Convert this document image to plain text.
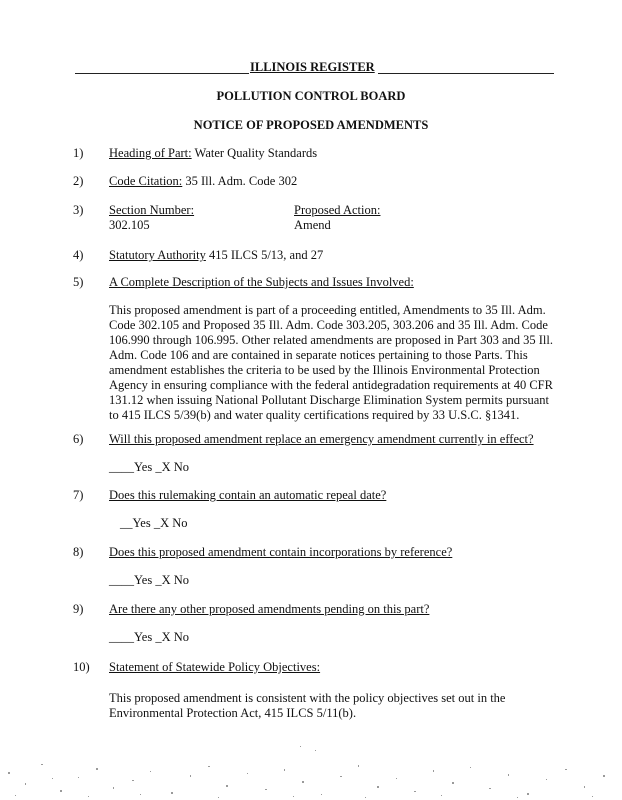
ILLINOIS REGISTER
POLLUTION CONTROL BOARD
NOTICE OF PROPOSED AMENDMENTS
1) Heading of Part: Water Quality Standards
2) Code Citation: 35 Ill. Adm. Code 302
3) Section Number:
302.105
Proposed Action:
Amend
4) Statutory Authority 415 ILCS 5/13, and 27
5) A Complete Description of the Subjects and Issues Involved:
This proposed amendment is part of a proceeding entitled, Amendments to 35 Ill. Adm.
Code 302.105 and Proposed 35 Ill. Adm. Code 303.205, 303.206 and 35 Ill. Adm. Code
106.990 through 106.995. Other related amendments are proposed in Part 303 and 35 Ill.
Adm. Code 106 and are contained in separate notices pertaining to those Parts. This
amendment establishes the criteria to be used by the Illinois Environmental Protection
Agency in ensuring compliance with the federal antidegradation requirements at 40 CFR
131.12 when issuing National Pollutant Discharge Elimination System permits pursuant
to 415 ILCS 5/39(b) and water quality certifications required by 33 U.S.C. §1341.
6) Will this proposed amendment replace an emergency amendment currently in effect?
____Yes _X No
7) Does this rulemaking contain an automatic repeal date?
__Yes _X No
8) Does this proposed amendment contain incorporations by reference?
____Yes _X No
9) Are there any other proposed amendments pending on this part?
____Yes _X No
10) Statement of Statewide Policy Objectives:
This proposed amendment is consistent with the policy objectives set out in the
Environmental Protection Act, 415 ILCS 5/11(b).
